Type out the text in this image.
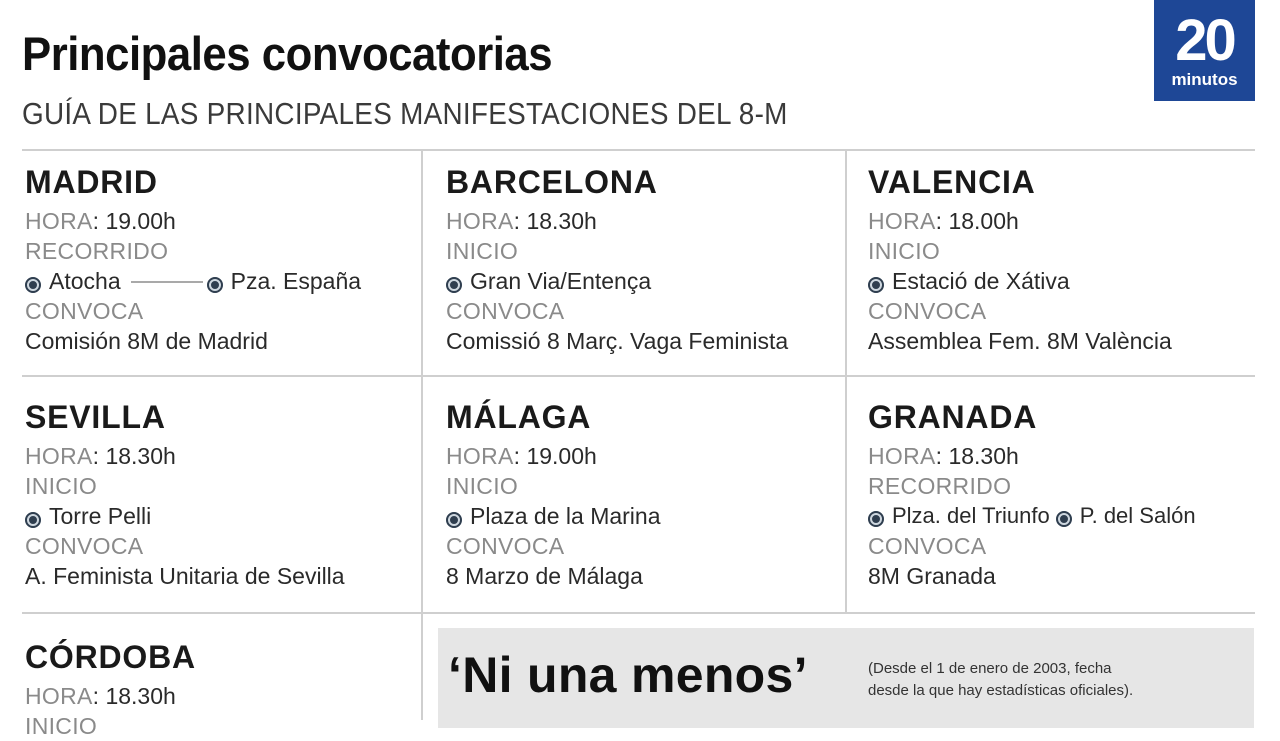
Principales convocatorias
GUÍA DE LAS PRINCIPALES MANIFESTACIONES DEL 8-M
20
minutos
MADRID
HORA: 19.00h
RECORRIDO
Atocha	Pza. España
CONVOCA
Comisión 8M de Madrid
BARCELONA
HORA: 18.30h
INICIO
Gran Via/Entença
CONVOCA
Comissió 8 Març. Vaga Feminista
VALENCIA
HORA: 18.00h
INICIO
Estació de Xátiva
CONVOCA
Assemblea Fem. 8M València
SEVILLA
HORA: 18.30h
INICIO
Torre Pelli
CONVOCA
A. Feminista Unitaria de Sevilla
MÁLAGA
HORA: 19.00h
INICIO
Plaza de la Marina
CONVOCA
8 Marzo de Málaga
GRANADA
HORA: 18.30h
RECORRIDO
Plza. del Triunfo P. del Salón
CONVOCA
8M Granada
CÓRDOBA
HORA: 18.30h
INICIO
‘Ni una menos’	(Desde el 1 de enero de 2003, fecha
desde la que hay estadísticas oficiales).
